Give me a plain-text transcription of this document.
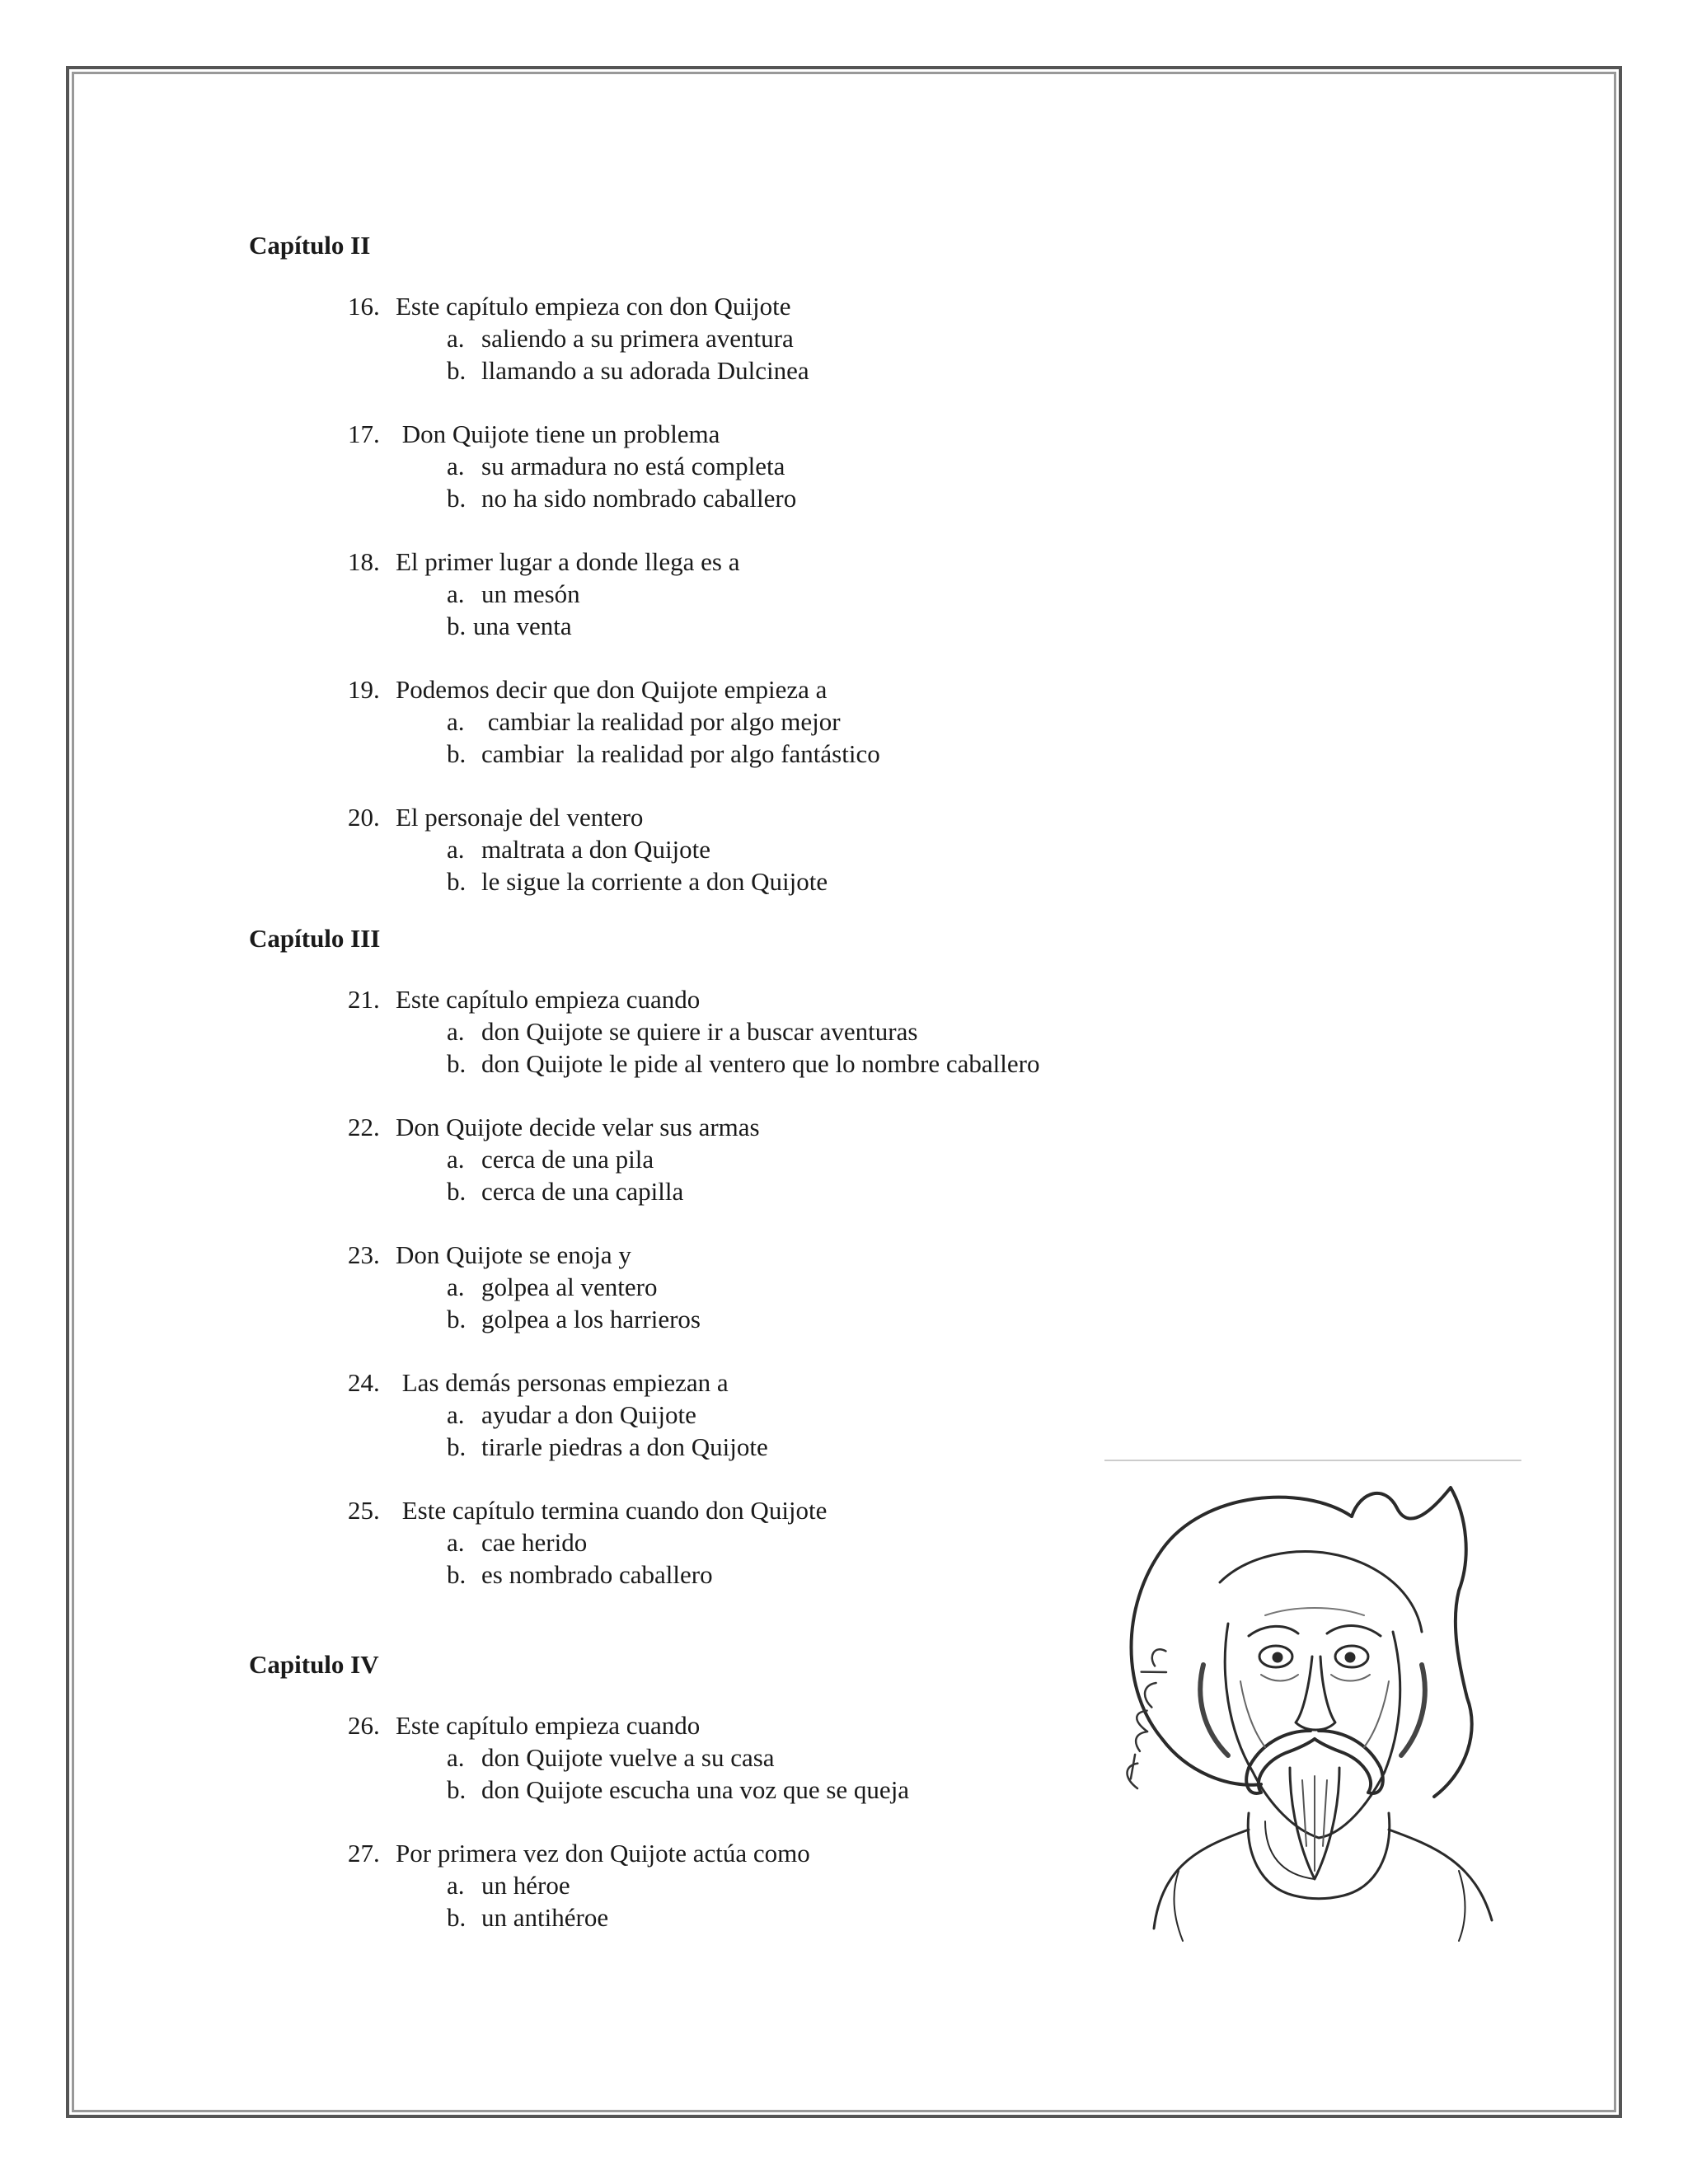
Capítulo II
16. Este capítulo empieza con don Quijote
a. saliendo a su primera aventura
b. llamando a su adorada Dulcinea
17. Don Quijote tiene un problema
a. su armadura no está completa
b. no ha sido nombrado caballero
18. El primer lugar a donde llega es a
a. un mesón
b. una venta
19. Podemos decir que don Quijote empieza a
a. cambiar la realidad por algo mejor
b. cambiar  la realidad por algo fantástico
20. El personaje del ventero
a. maltrata a don Quijote
b. le sigue la corriente a don Quijote
Capítulo III
21. Este capítulo empieza cuando
a. don Quijote se quiere ir a buscar aventuras
b. don Quijote le pide al ventero que lo nombre caballero
22. Don Quijote decide velar sus armas
a. cerca de una pila
b. cerca de una capilla
23. Don Quijote se enoja y
a. golpea al ventero
b. golpea a los harrieros
24. Las demás personas empiezan a
a. ayudar a don Quijote
b. tirarle piedras a don Quijote
25. Este capítulo termina cuando don Quijote
a. cae herido
b. es nombrado caballero
Capitulo IV
26. Este capítulo empieza cuando
a. don Quijote vuelve a su casa
b. don Quijote escucha una voz que se queja
27. Por primera vez don Quijote actúa como
a. un héroe
b. un antihéroe
